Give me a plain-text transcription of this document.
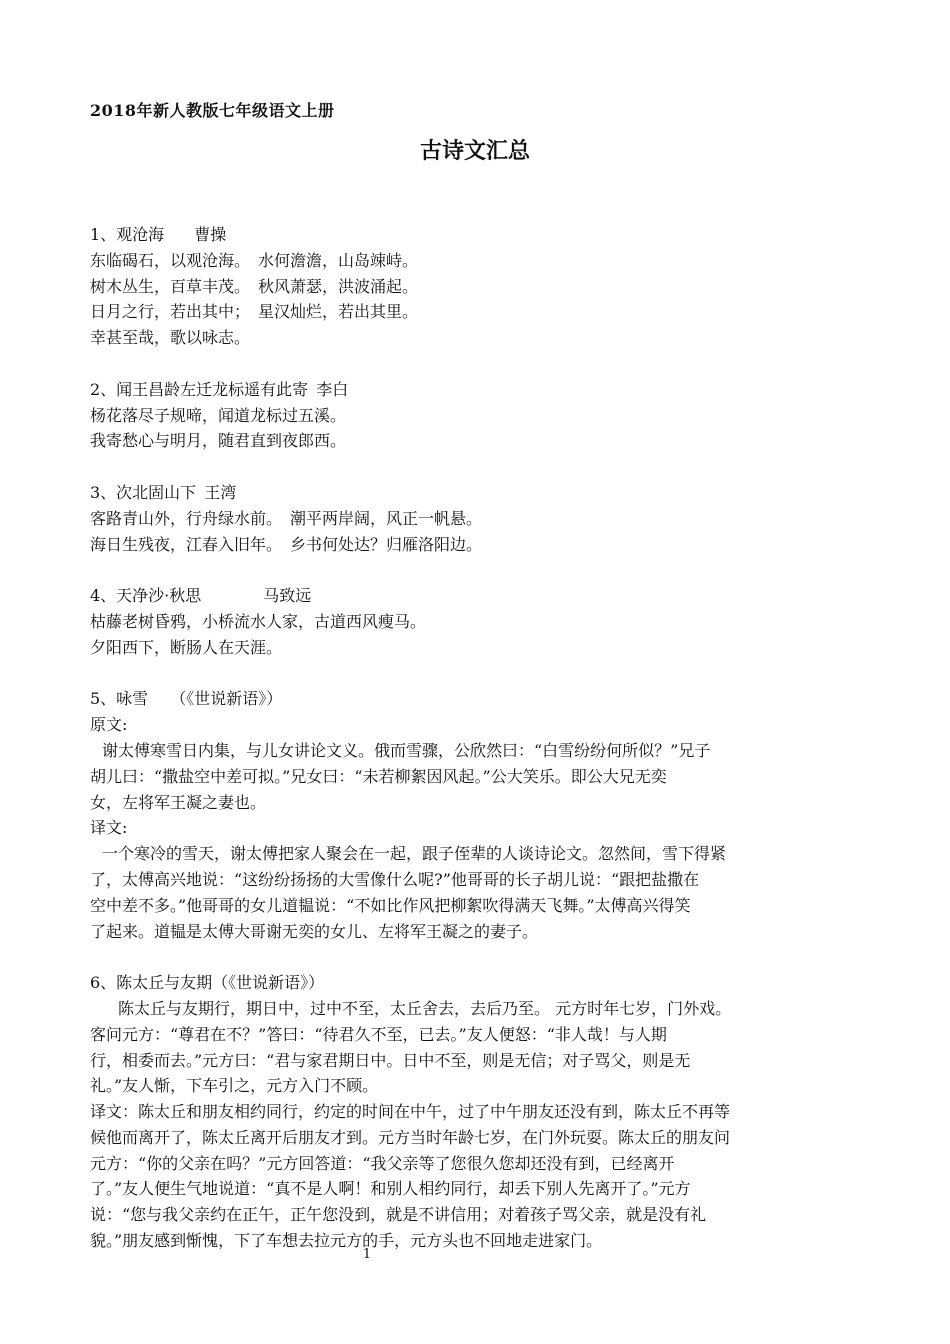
2018年新人教版七年级语文上册
古诗文汇总
1、观沧海 曹操
东临碣石，以观沧海。 水何澹澹，山岛竦峙。
树木丛生，百草丰茂。 秋风萧瑟，洪波涌起。
日月之行，若出其中； 星汉灿烂，若出其里。
幸甚至哉，歌以咏志。
2、闻王昌龄左迁龙标遥有此寄 李白
杨花落尽子规啼，闻道龙标过五溪。
我寄愁心与明月，随君直到夜郎西。
3、次北固山下 王湾
客路青山外，行舟绿水前。 潮平两岸阔，风正一帆悬。
海日生残夜，江春入旧年。 乡书何处达？归雁洛阳边。
4、天净沙·秋思	马致远
枯藤老树昏鸦，小桥流水人家，古道西风瘦马。
夕阳西下，断肠人在天涯。
5、咏雪 （《世说新语》）
原文:
谢太傅寒雪日内集，与儿女讲论文义。俄而雪骤，公欣然曰：“白雪纷纷何所似？”兄子
胡儿曰：“撒盐空中差可拟。”兄女曰：“未若柳絮因风起。”公大笑乐。即公大兄无奕
女，左将军王凝之妻也。
译文:
一个寒冷的雪天，谢太傅把家人聚会在一起，跟子侄辈的人谈诗论文。忽然间，雪下得紧
了，太傅高兴地说：“这纷纷扬扬的大雪像什么呢?”他哥哥的长子胡儿说：“跟把盐撒在
空中差不多。”他哥哥的女儿道韫说：“不如比作风把柳絮吹得满天飞舞。”太傅高兴得笑
了起来。道韫是太傅大哥谢无奕的女儿、左将军王凝之的妻子。
6、陈太丘与友期（《世说新语》）
陈太丘与友期行，期日中，过中不至，太丘舍去，去后乃至。 元方时年七岁，门外戏。
客问元方：“尊君在不？”答曰：“待君久不至，已去。”友人便怒：“非人哉！与人期
行，相委而去。”元方曰：“君与家君期日中。日中不至，则是无信；对子骂父，则是无
礼。”友人惭，下车引之，元方入门不顾。
译文：陈太丘和朋友相约同行，约定的时间在中午，过了中午朋友还没有到，陈太丘不再等
候他而离开了，陈太丘离开后朋友才到。元方当时年龄七岁，在门外玩耍。陈太丘的朋友问
元方：“你的父亲在吗？”元方回答道：“我父亲等了您很久您却还没有到，已经离开
了。”友人便生气地说道：“真不是人啊！和别人相约同行，却丢下别人先离开了。”元方
说：“您与我父亲约在正午，正午您没到，就是不讲信用；对着孩子骂父亲，就是没有礼
貌。”朋友感到惭愧，下了车想去拉元方的手，元方头也不回地走进家门。
1
